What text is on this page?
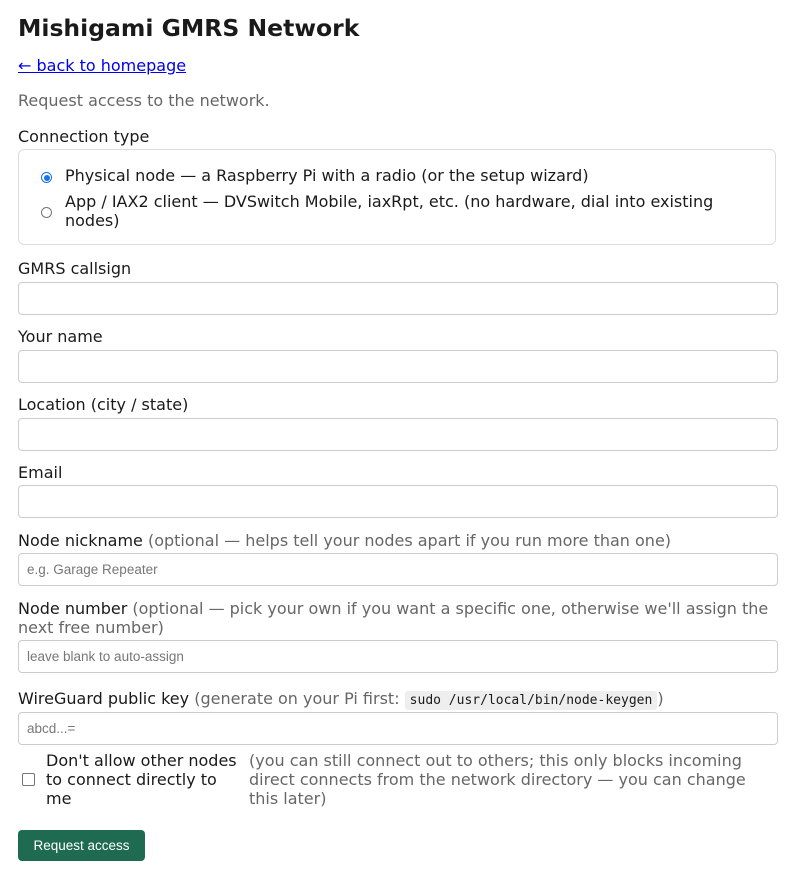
Mishigami GMRS Network
← back to homepage
Request access to the network.
Connection type
Physical node — a Raspberry Pi with a radio (or the setup wizard)
App / IAX2 client — DVSwitch Mobile, iaxRpt, etc. (no hardware, dial into existing nodes)
GMRS callsign
Your name
Location (city / state)
Email
Node nickname (optional — helps tell your nodes apart if you run more than one)
e.g. Garage Repeater
Node number (optional — pick your own if you want a specific one, otherwise we'll assign the next free number)
leave blank to auto-assign
WireGuard public key (generate on your Pi first: sudo /usr/local/bin/node-keygen )
abcd...=
Don't allow other nodes to connect directly to me
(you can still connect out to others; this only blocks incoming direct connects from the network directory — you can change this later)
Request access
